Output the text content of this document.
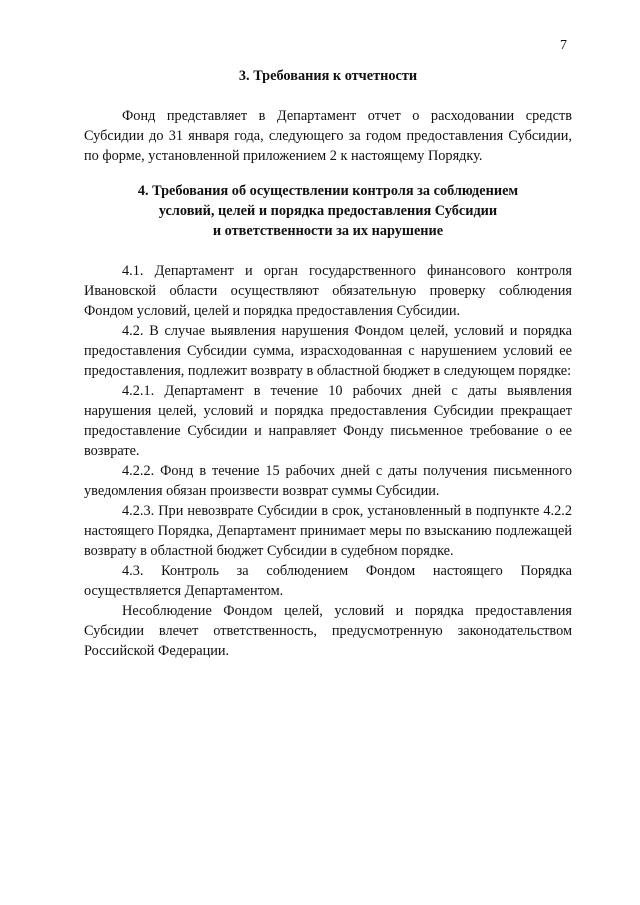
7
3. Требования к отчетности

Фонд представляет в Департамент отчет о расходовании средств Субсидии до 31 января года, следующего за годом предоставления Субсидии, по форме, установленной приложением 2 к настоящему Порядку.

4. Требования об осуществлении контроля за соблюдением
условий, целей и порядка предоставления Субсидии
и ответственности за их нарушение

4.1. Департамент и орган государственного финансового контроля Ивановской области осуществляют обязательную проверку соблюдения Фондом условий, целей и порядка предоставления Субсидии.

4.2. В случае выявления нарушения Фондом целей, условий и порядка предоставления Субсидии сумма, израсходованная с нарушением условий ее предоставления, подлежит возврату в областной бюджет в следующем порядке:

4.2.1. Департамент в течение 10 рабочих дней с даты выявления нарушения целей, условий и порядка предоставления Субсидии прекращает предоставление Субсидии и направляет Фонду письменное требование о ее возврате.

4.2.2. Фонд в течение 15 рабочих дней с даты получения письменного уведомления обязан произвести возврат суммы Субсидии.

4.2.3. При невозврате Субсидии в срок, установленный в подпункте 4.2.2 настоящего Порядка, Департамент принимает меры по взысканию подлежащей возврату в областной бюджет Субсидии в судебном порядке.

4.3. Контроль за соблюдением Фондом настоящего Порядка осуществляется Департаментом.

Несоблюдение Фондом целей, условий и порядка предоставления Субсидии влечет ответственность, предусмотренную законодательством Российской Федерации.
